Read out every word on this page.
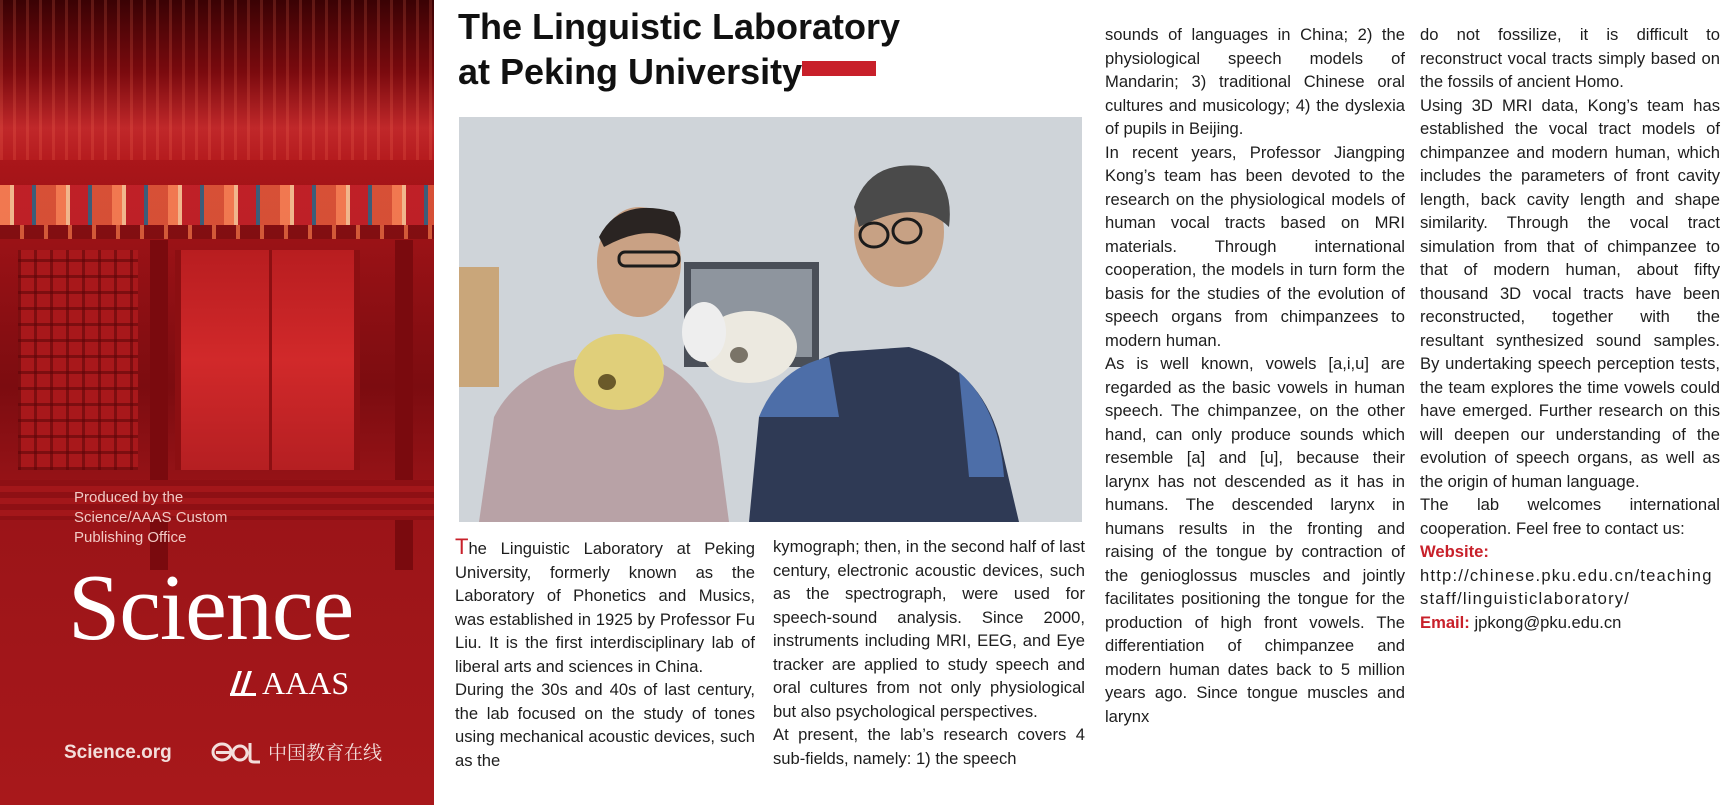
Produced by the
Science/AAAS Custom
Publishing Office
Science
AAAS
Science.org	中国教育在线
The Linguistic Laboratory
at Peking University

The Linguistic Laboratory at Peking University, formerly known as the Laboratory of Phonetics and Musics, was established in 1925 by Professor Fu Liu. It is the first interdisciplinary lab of liberal arts and sciences in China.

During the 30s and 40s of last century, the lab focused on the study of tones using mechanical acoustic devices, such as the

kymograph; then, in the second half of last century, electronic acoustic devices, such as the spectrograph, were used for speech-sound analysis. Since 2000, instruments including MRI, EEG, and Eye tracker are applied to study speech and oral cultures from not only physiological but also psychological perspectives.

At present, the lab’s research covers 4 sub-fields, namely: 1) the speech

sounds of languages in China; 2) the physiological speech models of Mandarin; 3) traditional Chinese oral cultures and musicology; 4) the dyslexia of pupils in Beijing.

In recent years, Professor Jiangping Kong’s team has been devoted to the research on the physiological models of human vocal tracts based on MRI materials. Through international cooperation, the models in turn form the basis for the studies of the evolution of speech organs from chimpanzees to modern human.

As is well known, vowels [a,i,u] are regarded as the basic vowels in human speech. The chimpanzee, on the other hand, can only produce sounds which resemble [a] and [u], because their larynx has not descended as it has in humans. The descended larynx in humans results in the fronting and raising of the tongue by contraction of the genioglossus muscles and jointly facilitates positioning the tongue for the production of high front vowels. The differentiation of chimpanzee and modern human dates back to 5 million years ago. Since tongue muscles and larynx

do not fossilize, it is difficult to reconstruct vocal tracts simply based on the fossils of ancient Homo.

Using 3D MRI data, Kong’s team has established the vocal tract models of chimpanzee and modern human, which includes the parameters of front cavity length, back cavity length and shape similarity. Through the vocal tract simulation from that of chimpanzee to that of modern human, about fifty thousand 3D vocal tracts have been reconstructed, together with the resultant synthesized sound samples. By undertaking speech perception tests, the team explores the time vowels could have emerged. Further research on this will deepen our understanding of the evolution of speech organs, as well as the origin of human language.

The lab welcomes international cooperation. Feel free to contact us:

Website:
http://chinese.pku.edu.cn/teachingstaff/linguisticlaboratory/
Email: jpkong@pku.edu.cn
